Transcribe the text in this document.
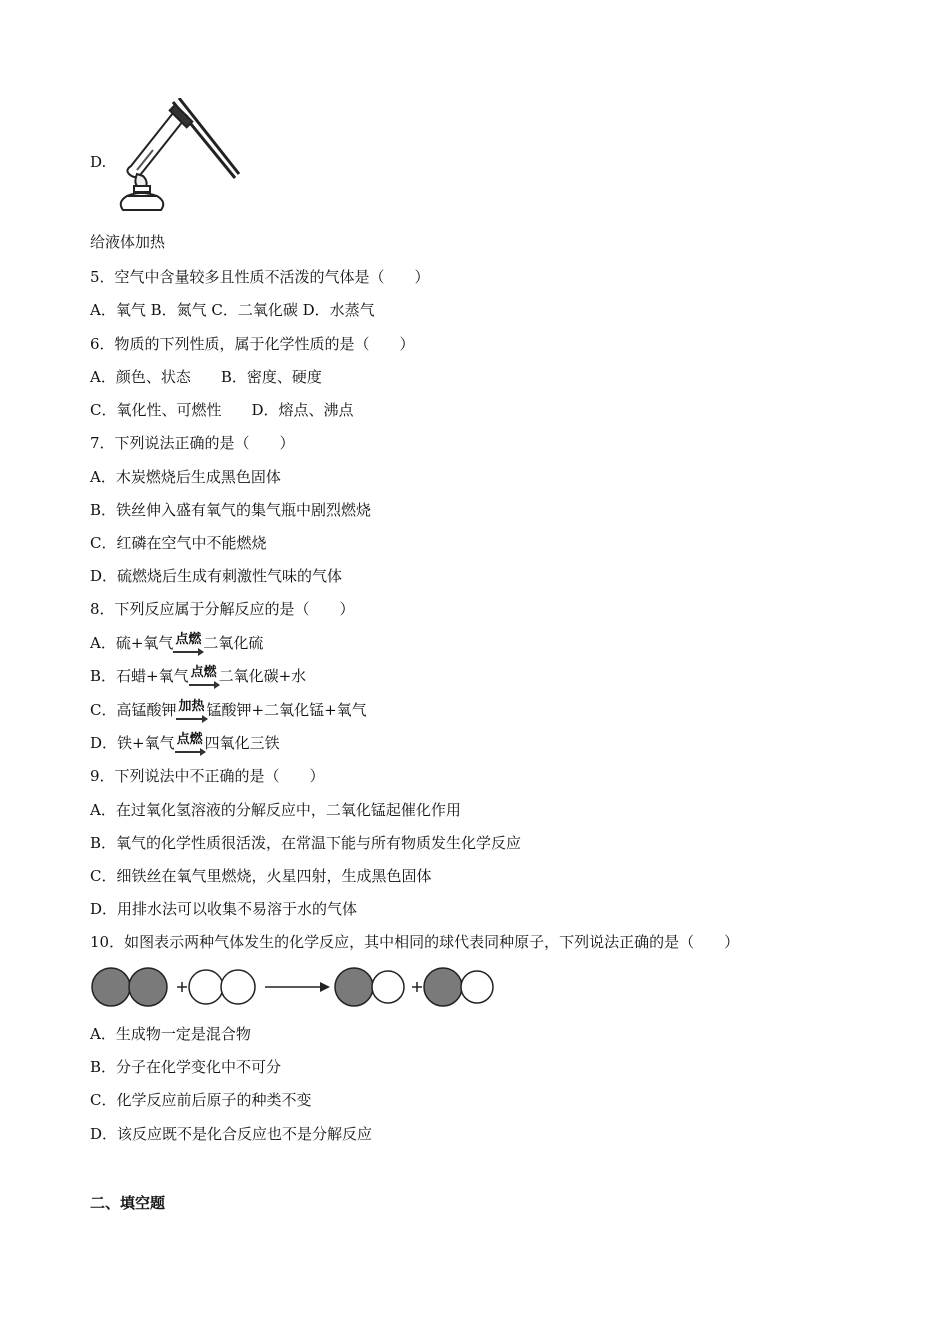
D.
给液体加热
5．空气中含量较多且性质不活泼的气体是（　　）
A．氧气 B．氮气 C．二氧化碳 D．水蒸气
6．物质的下列性质，属于化学性质的是（　　）
A．颜色、状态　　B．密度、硬度
C．氧化性、可燃性　　D．熔点、沸点
7．下列说法正确的是（　　）
A．木炭燃烧后生成黑色固体
B．铁丝伸入盛有氧气的集气瓶中剧烈燃烧
C．红磷在空气中不能燃烧
D．硫燃烧后生成有刺激性气味的气体
8．下列反应属于分解反应的是（　　）
A．硫+氧气 点燃 二氧化硫
B．石蜡+氧气 点燃 二氧化碳+水
C．高锰酸钾 加热 锰酸钾+二氧化锰+氧气
D．铁+氧气 点燃 四氧化三铁
9．下列说法中不正确的是（　　）
A．在过氧化氢溶液的分解反应中，二氧化锰起催化作用
B．氧气的化学性质很活泼，在常温下能与所有物质发生化学反应
C．细铁丝在氧气里燃烧，火星四射，生成黑色固体
D．用排水法可以收集不易溶于水的气体
10．如图表示两种气体发生的化学反应，其中相同的球代表同种原子，下列说法正确的是（　　）
A．生成物一定是混合物
B．分子在化学变化中不可分
C．化学反应前后原子的种类不变
D．该反应既不是化合反应也不是分解反应
二、填空题
